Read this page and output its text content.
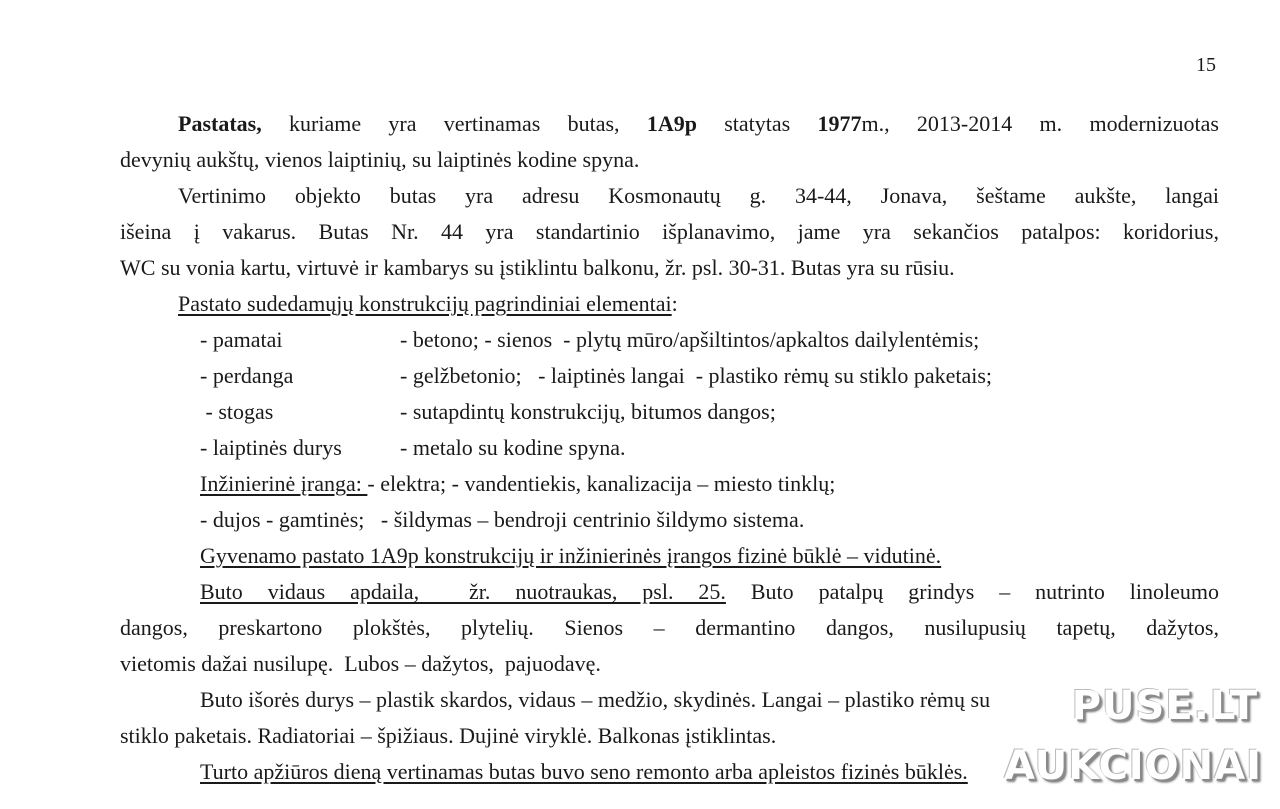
15
Pastatas, kuriame yra vertinamas butas, 1A9p statytas 1977m., 2013-2014 m. modernizuotas
devynių aukštų, vienos laiptinių, su laiptinės kodine spyna.
Vertinimo objekto butas yra adresu Kosmonautų g. 34-44, Jonava, šeštame aukšte, langai
išeina į vakarus. Butas Nr. 44 yra standartinio išplanavimo, jame yra sekančios patalpos: koridorius,
WC su vonia kartu, virtuvė ir kambarys su įstiklintu balkonu, žr. psl. 30-31. Butas yra su rūsiu.
Pastato sudedamųjų konstrukcijų pagrindiniai elementai:
- pamatai	- betono; - sienos  - plytų mūro/apšiltintos/apkaltos dailylentėmis;
- perdanga	- gelžbetonio;   - laiptinės langai  - plastiko rėmų su stiklo paketais;
- stogas	- sutapdintų konstrukcijų, bitumos dangos;
- laiptinės durys	- metalo su kodine spyna.
Inžinierinė įranga: - elektra; - vandentiekis, kanalizacija – miesto tinklų;
- dujos - gamtinės;   - šildymas – bendroji centrinio šildymo sistema.
Gyvenamo pastato 1A9p konstrukcijų ir inžinierinės įrangos fizinė būklė – vidutinė.
Buto vidaus apdaila,  žr. nuotraukas, psl. 25. Buto patalpų grindys – nutrinto linoleumo
dangos, preskartono plokštės, plytelių. Sienos – dermantino dangos, nusilupusių tapetų, dažytos,
vietomis dažai nusilupę.  Lubos – dažytos,  pajuodavę.
Buto išorės durys – plastik skardos, vidaus – medžio, skydinės. Langai – plastiko rėmų su
stiklo paketais. Radiatoriai – špižiaus. Dujinė viryklė. Balkonas įstiklintas.
Turto apžiūros dieną vertinamas butas buvo seno remonto arba apleistos fizinės būklės.
PUSE.LT
AUKCIONAI
